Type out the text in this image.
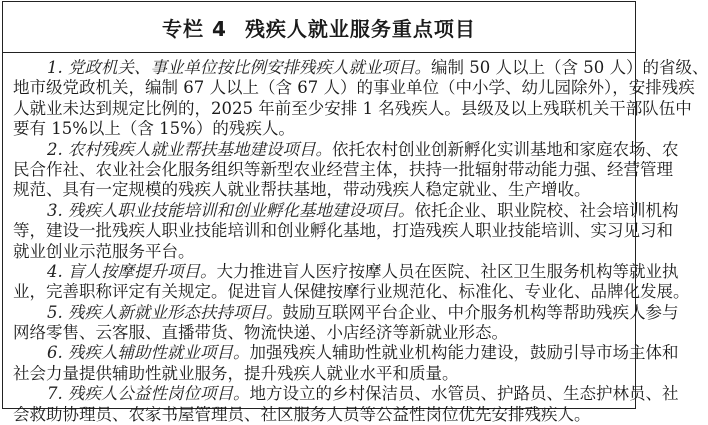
专栏 4 残疾人就业服务重点项目
1. 党政机关、事业单位按比例安排残疾人就业项目。编制 50 人以上（含 50 人）的省级、
地市级党政机关，编制 67 人以上（含 67 人）的事业单位（中小学、幼儿园除外），安排残疾
人就业未达到规定比例的，2025 年前至少安排 1 名残疾人。县级及以上残联机关干部队伍中
要有 15%以上（含 15%）的残疾人。
2. 农村残疾人就业帮扶基地建设项目。依托农村创业创新孵化实训基地和家庭农场、农
民合作社、农业社会化服务组织等新型农业经营主体，扶持一批辐射带动能力强、经营管理
规范、具有一定规模的残疾人就业帮扶基地，带动残疾人稳定就业、生产增收。
3. 残疾人职业技能培训和创业孵化基地建设项目。依托企业、职业院校、社会培训机构
等，建设一批残疾人职业技能培训和创业孵化基地，打造残疾人职业技能培训、实习见习和
就业创业示范服务平台。
4. 盲人按摩提升项目。大力推进盲人医疗按摩人员在医院、社区卫生服务机构等就业执
业，完善职称评定有关规定。促进盲人保健按摩行业规范化、标准化、专业化、品牌化发展。
5. 残疾人新就业形态扶持项目。鼓励互联网平台企业、中介服务机构等帮助残疾人参与
网络零售、云客服、直播带货、物流快递、小店经济等新就业形态。
6. 残疾人辅助性就业项目。加强残疾人辅助性就业机构能力建设，鼓励引导市场主体和
社会力量提供辅助性就业服务，提升残疾人就业水平和质量。
7. 残疾人公益性岗位项目。地方设立的乡村保洁员、水管员、护路员、生态护林员、社
会救助协理员、农家书屋管理员、社区服务人员等公益性岗位优先安排残疾人。
